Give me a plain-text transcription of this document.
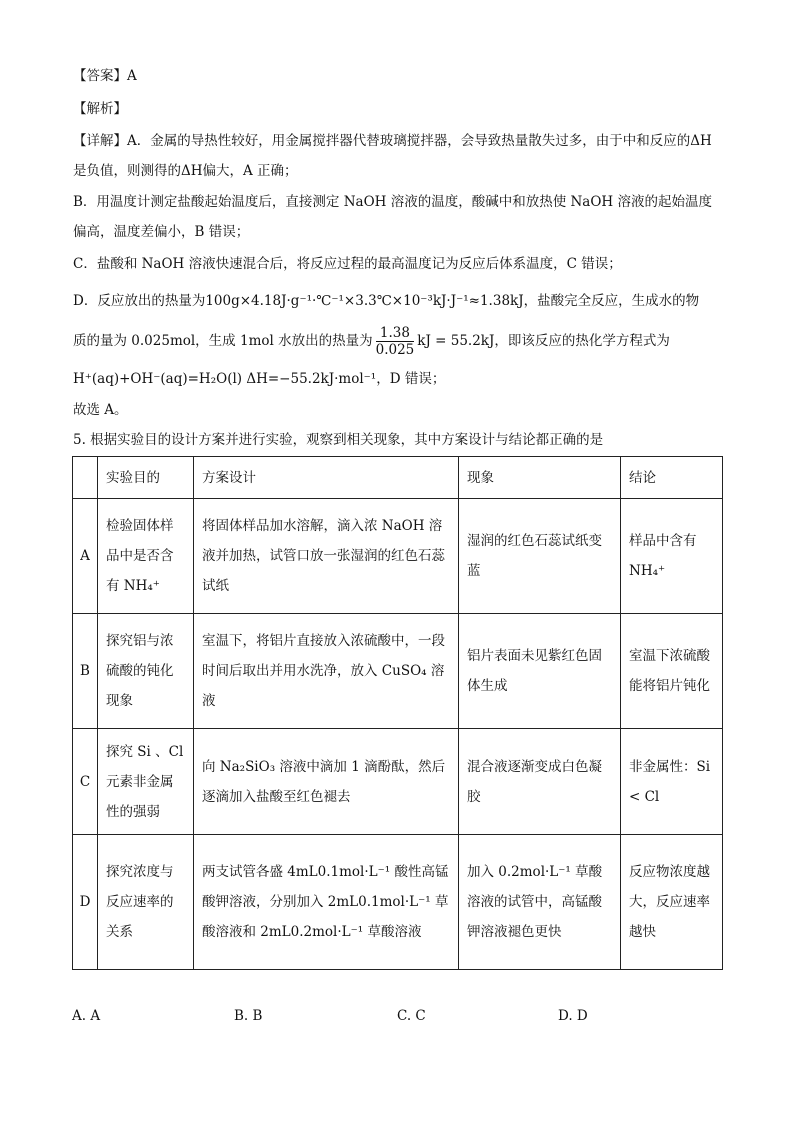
【答案】A
【解析】
【详解】A．金属的导热性较好，用金属搅拌器代替玻璃搅拌器，会导致热量散失过多，由于中和反应的ΔH
是负值，则测得的ΔH偏大，A 正确；
B．用温度计测定盐酸起始温度后，直接测定 NaOH 溶液的温度，酸碱中和放热使 NaOH 溶液的起始温度
偏高，温度差偏小，B 错误；
C．盐酸和 NaOH 溶液快速混合后，将反应过程的最高温度记为反应后体系温度，C 错误；
D．反应放出的热量为100g×4.18J·g⁻¹·℃⁻¹×3.3℃×10⁻³kJ·J⁻¹≈1.38kJ，盐酸完全反应，生成水的物
质的量为 0.025mol，生成 1mol 水放出的热量为 $\frac{1.38}{0.025}$ kJ = 55.2kJ，即该反应的热化学方程式为
H⁺(aq)+OH⁻(aq)=H₂O(l) ΔH=−55.2kJ·mol⁻¹，D 错误；
故选 A。
5. 根据实验目的设计方案并进行实验，观察到相关现象，其中方案设计与结论都正确的是
	实验目的	方案设计	现象	结论
A	检验固体样品中是否含有 NH₄⁺	将固体样品加水溶解，滴入浓 NaOH 溶液并加热，试管口放一张湿润的红色石蕊试纸	湿润的红色石蕊试纸变蓝	样品中含有 NH₄⁺
B	探究铝与浓硫酸的钝化现象	室温下，将铝片直接放入浓硫酸中，一段时间后取出并用水洗净，放入 CuSO₄ 溶液	铝片表面未见紫红色固体生成	室温下浓硫酸能将铝片钝化
C	探究 Si 、Cl 元素非金属性的强弱	向 Na₂SiO₃ 溶液中滴加 1 滴酚酞，然后逐滴加入盐酸至红色褪去	混合液逐渐变成白色凝胶	非金属性：Si < Cl
D	探究浓度与反应速率的关系	两支试管各盛 4mL0.1mol·L⁻¹ 酸性高锰酸钾溶液，分别加入 2mL0.1mol·L⁻¹ 草酸溶液和 2mL0.2mol·L⁻¹ 草酸溶液	加入 0.2mol·L⁻¹ 草酸溶液的试管中，高锰酸钾溶液褪色更快	反应物浓度越大，反应速率越快
A. A	B. B	C. C	D. D
